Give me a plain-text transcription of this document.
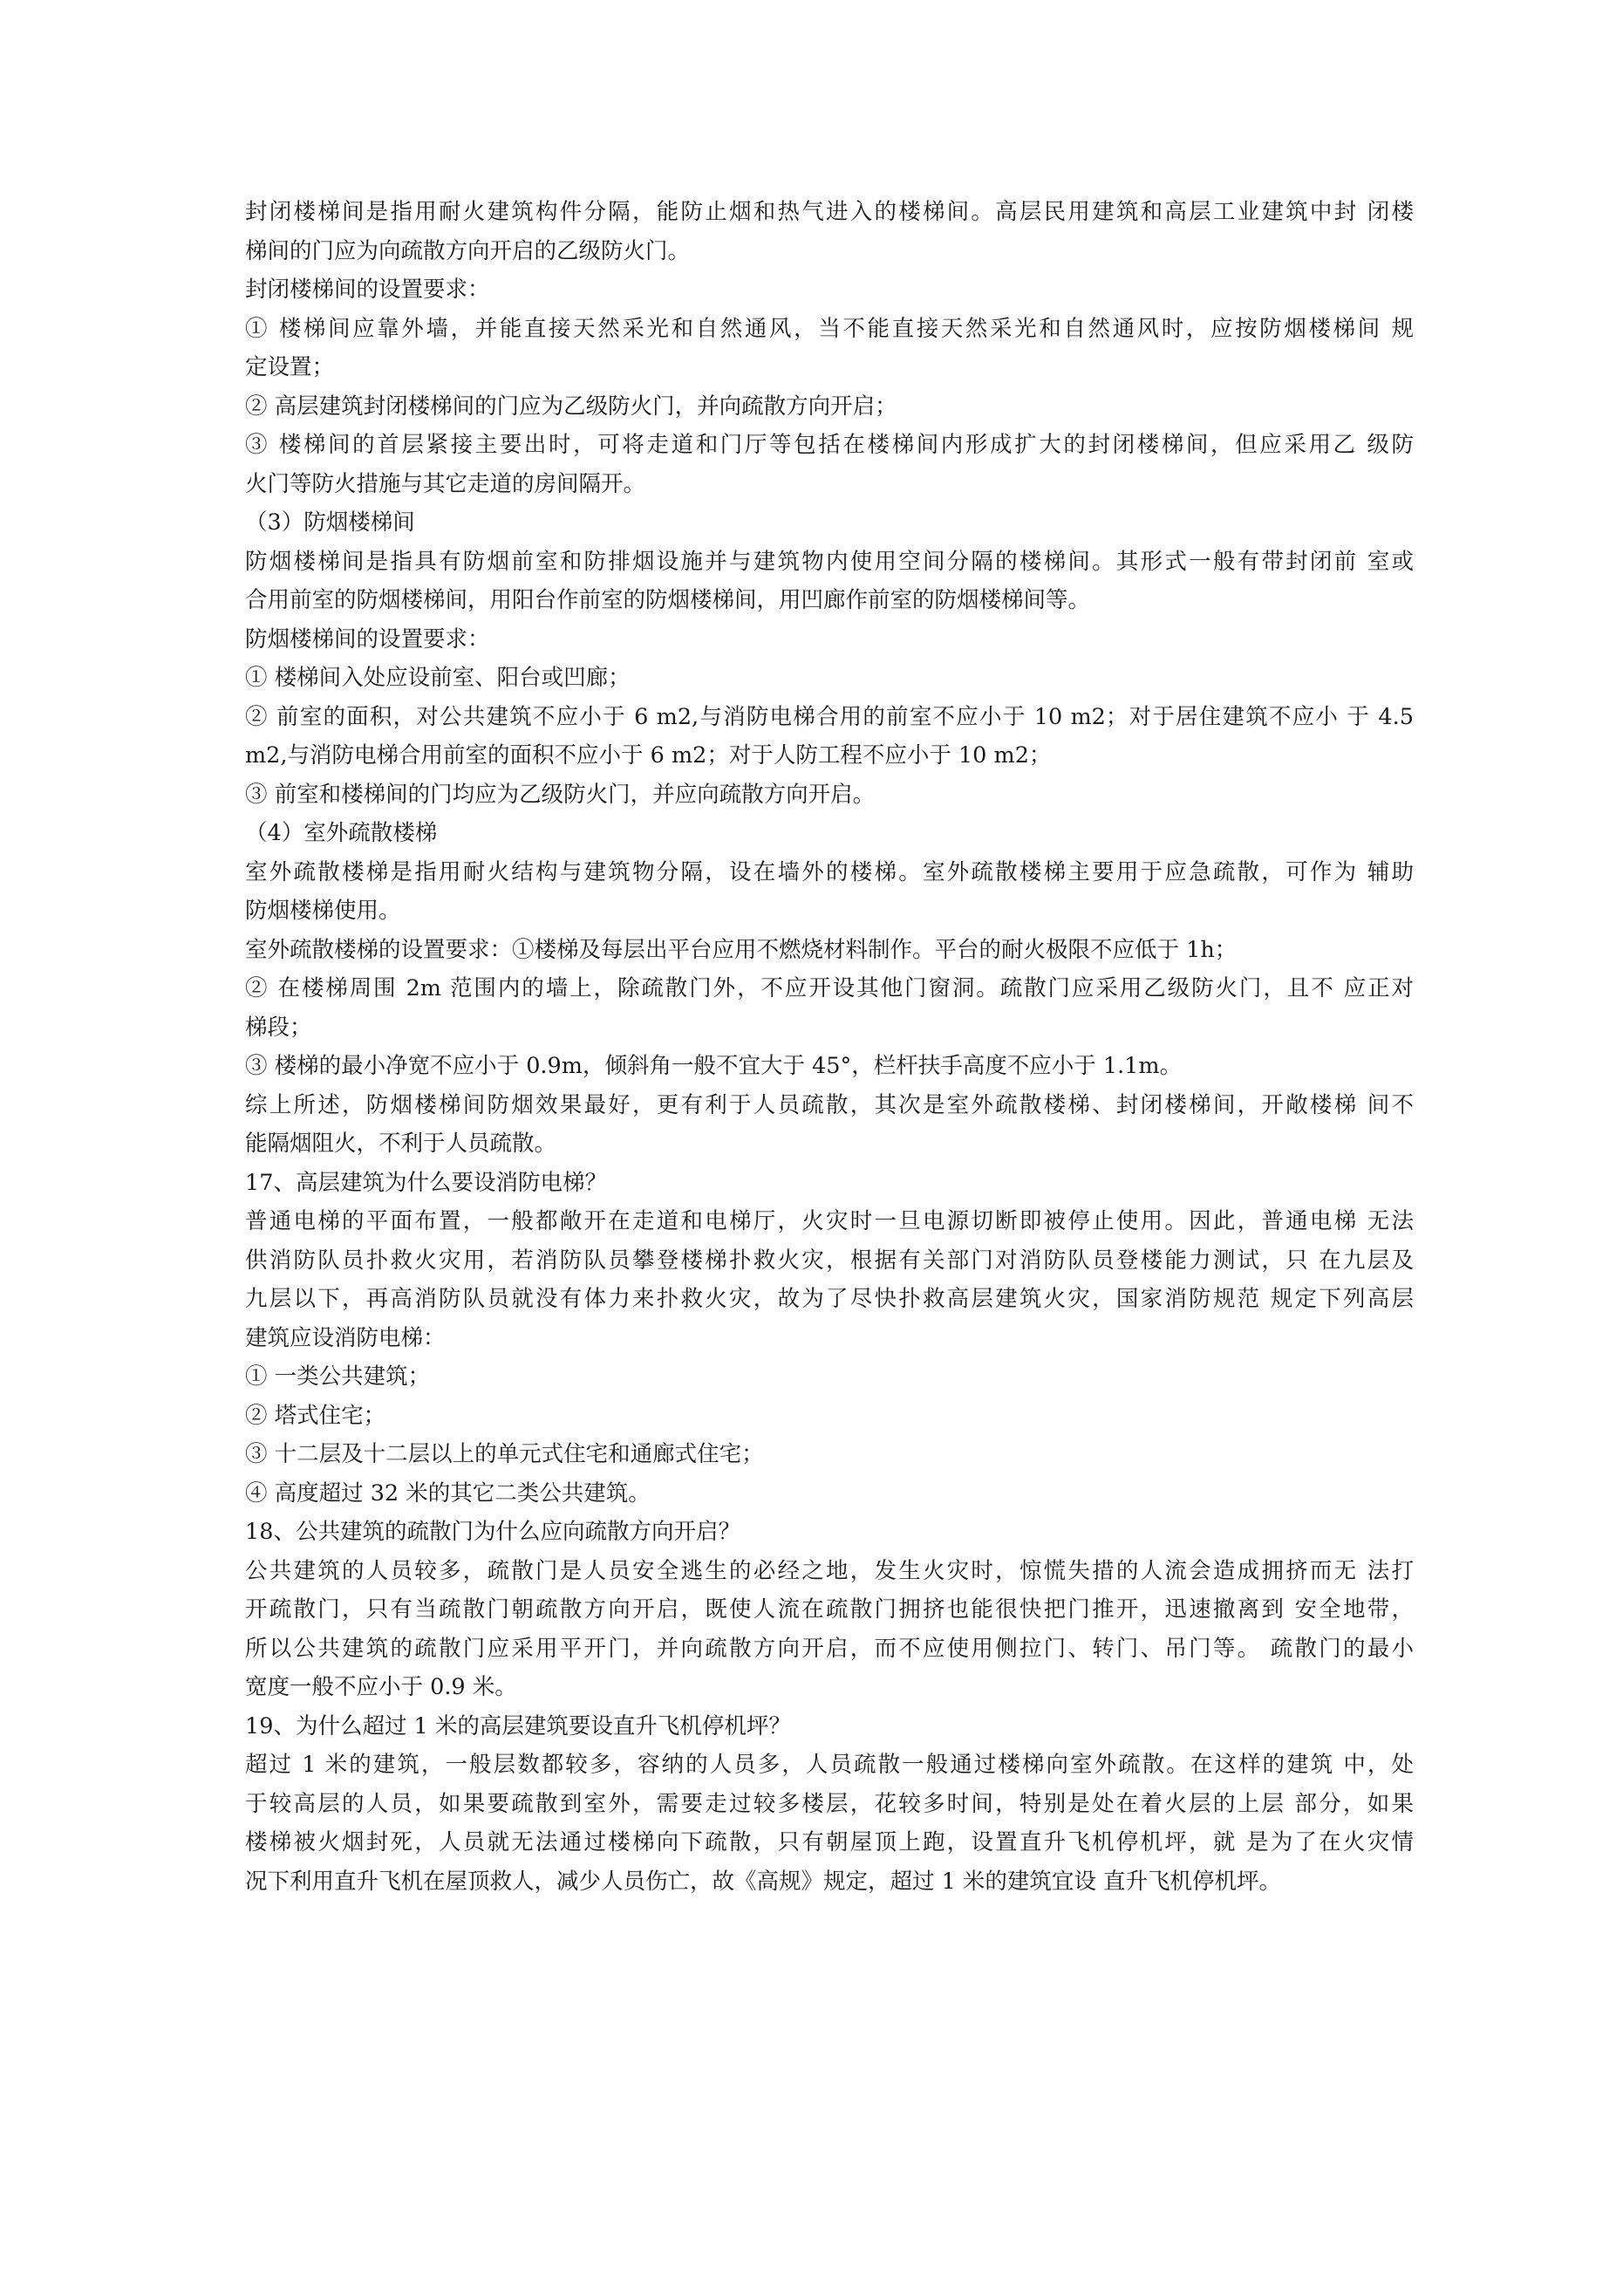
封闭楼梯间是指用耐火建筑构件分隔，能防止烟和热气进入的楼梯间。高层民用建筑和高层工业建筑中封 闭楼
梯间的门应为向疏散方向开启的乙级防火门。
封闭楼梯间的设置要求：
① 楼梯间应靠外墙，并能直接天然采光和自然通风，当不能直接天然采光和自然通风时，应按防烟楼梯间 规
定设置；
② 高层建筑封闭楼梯间的门应为乙级防火门，并向疏散方向开启；
③ 楼梯间的首层紧接主要出时，可将走道和门厅等包括在楼梯间内形成扩大的封闭楼梯间，但应采用乙 级防
火门等防火措施与其它走道的房间隔开。
（3）防烟楼梯间
防烟楼梯间是指具有防烟前室和防排烟设施并与建筑物内使用空间分隔的楼梯间。其形式一般有带封闭前 室或
合用前室的防烟楼梯间，用阳台作前室的防烟楼梯间，用凹廊作前室的防烟楼梯间等。
防烟楼梯间的设置要求：
① 楼梯间入处应设前室、阳台或凹廊；
② 前室的面积，对公共建筑不应小于 6 m2,与消防电梯合用的前室不应小于 10 m2；对于居住建筑不应小 于 4.5
m2,与消防电梯合用前室的面积不应小于 6 m2；对于人防工程不应小于 10 m2；
③ 前室和楼梯间的门均应为乙级防火门，并应向疏散方向开启。
（4）室外疏散楼梯
室外疏散楼梯是指用耐火结构与建筑物分隔，设在墙外的楼梯。室外疏散楼梯主要用于应急疏散，可作为 辅助
防烟楼梯使用。
室外疏散楼梯的设置要求：①楼梯及每层出平台应用不燃烧材料制作。平台的耐火极限不应低于 1h；
② 在楼梯周围 2m 范围内的墙上，除疏散门外，不应开设其他门窗洞。疏散门应采用乙级防火门，且不 应正对
梯段；
③ 楼梯的最小净宽不应小于 0.9m，倾斜角一般不宜大于 45°，栏杆扶手高度不应小于 1.1m。
综上所述，防烟楼梯间防烟效果最好，更有利于人员疏散，其次是室外疏散楼梯、封闭楼梯间，开敞楼梯 间不
能隔烟阻火，不利于人员疏散。
17、高层建筑为什么要设消防电梯？
普通电梯的平面布置，一般都敞开在走道和电梯厅，火灾时一旦电源切断即被停止使用。因此，普通电梯 无法
供消防队员扑救火灾用，若消防队员攀登楼梯扑救火灾，根据有关部门对消防队员登楼能力测试，只 在九层及
九层以下，再高消防队员就没有体力来扑救火灾，故为了尽快扑救高层建筑火灾，国家消防规范 规定下列高层
建筑应设消防电梯：
① 一类公共建筑；
② 塔式住宅；
③ 十二层及十二层以上的单元式住宅和通廊式住宅；
④ 高度超过 32 米的其它二类公共建筑。
18、公共建筑的疏散门为什么应向疏散方向开启？
公共建筑的人员较多，疏散门是人员安全逃生的必经之地，发生火灾时，惊慌失措的人流会造成拥挤而无 法打
开疏散门，只有当疏散门朝疏散方向开启，既使人流在疏散门拥挤也能很快把门推开，迅速撤离到 安全地带，
所以公共建筑的疏散门应采用平开门，并向疏散方向开启，而不应使用侧拉门、转门、吊门等。 疏散门的最小
宽度一般不应小于 0.9 米。
19、为什么超过 1 米的高层建筑要设直升飞机停机坪？
超过 1 米的建筑，一般层数都较多，容纳的人员多，人员疏散一般通过楼梯向室外疏散。在这样的建筑 中，处
于较高层的人员，如果要疏散到室外，需要走过较多楼层，花较多时间，特别是处在着火层的上层 部分，如果
楼梯被火烟封死，人员就无法通过楼梯向下疏散，只有朝屋顶上跑，设置直升飞机停机坪，就 是为了在火灾情
况下利用直升飞机在屋顶救人，减少人员伤亡，故《高规》规定，超过 1 米的建筑宜设 直升飞机停机坪。
